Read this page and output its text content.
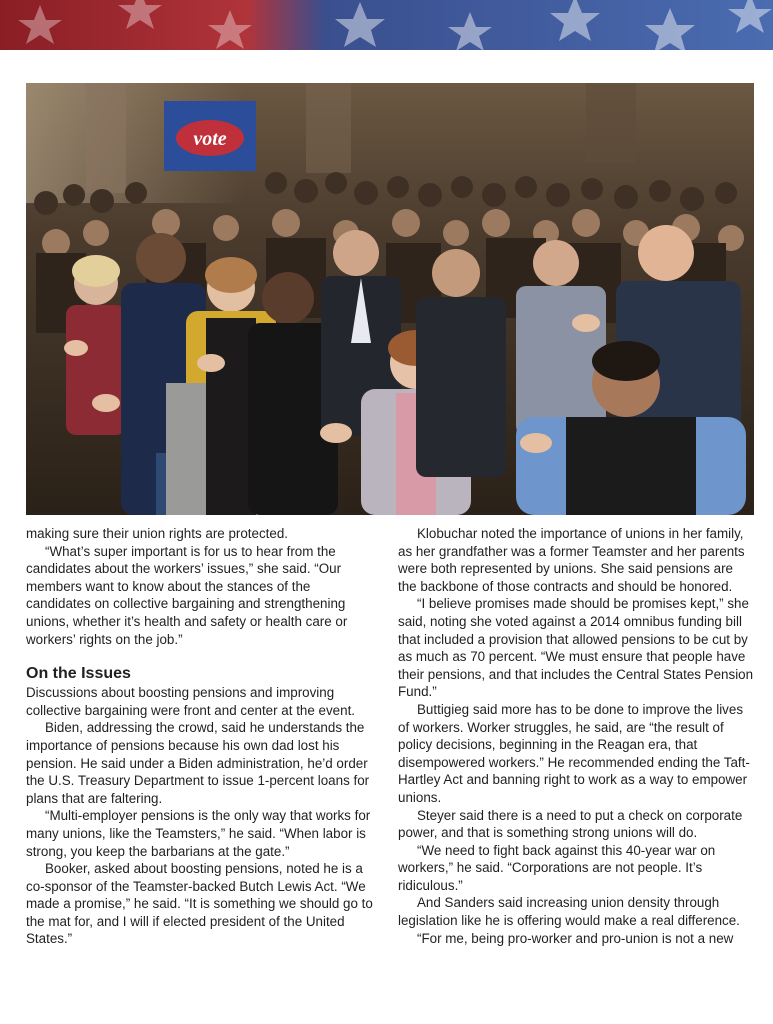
vote

making sure their union rights are protected.

“What’s super important is for us to hear from the candidates about the workers’ issues,” she said. “Our members want to know about the stances of the candidates on collective bargaining and strengthening unions, whether it’s health and safety or health care or workers’ rights on the job.”

On the Issues

Discussions about boosting pensions and improving collective bargaining were front and center at the event.

Biden, addressing the crowd, said he understands the importance of pensions because his own dad lost his pension. He said under a Biden administration, he’d order the U.S. Treasury Department to issue 1-percent loans for plans that are faltering.

“Multi-employer pensions is the only way that works for many unions, like the Teamsters,” he said. “When labor is strong, you keep the barbarians at the gate.”

Booker, asked about boosting pensions, noted he is a co-sponsor of the Teamster-backed Butch Lewis Act. “We made a promise,” he said. “It is something we should go to the mat for, and I will if elected president of the United States.”

Klobuchar noted the importance of unions in her family, as her grandfather was a former Teamster and her parents were both represented by unions. She said pensions are the backbone of those contracts and should be honored.

“I believe promises made should be promises kept,” she said, noting she voted against a 2014 omnibus funding bill that included a provision that allowed pensions to be cut by as much as 70 percent. “We must ensure that people have their pensions, and that includes the Central States Pension Fund.”

Buttigieg said more has to be done to improve the lives of workers. Worker struggles, he said, are “the result of policy decisions, beginning in the Reagan era, that disempowered workers.” He recommended ending the Taft-Hartley Act and banning right to work as a way to empower unions.

Steyer said there is a need to put a check on corporate power, and that is something strong unions will do.

“We need to fight back against this 40-year war on workers,” he said. “Corporations are not people. It’s ridiculous.”

And Sanders said increasing union density through legislation like he is offering would make a real difference.

“For me, being pro-worker and pro-union is not a new
